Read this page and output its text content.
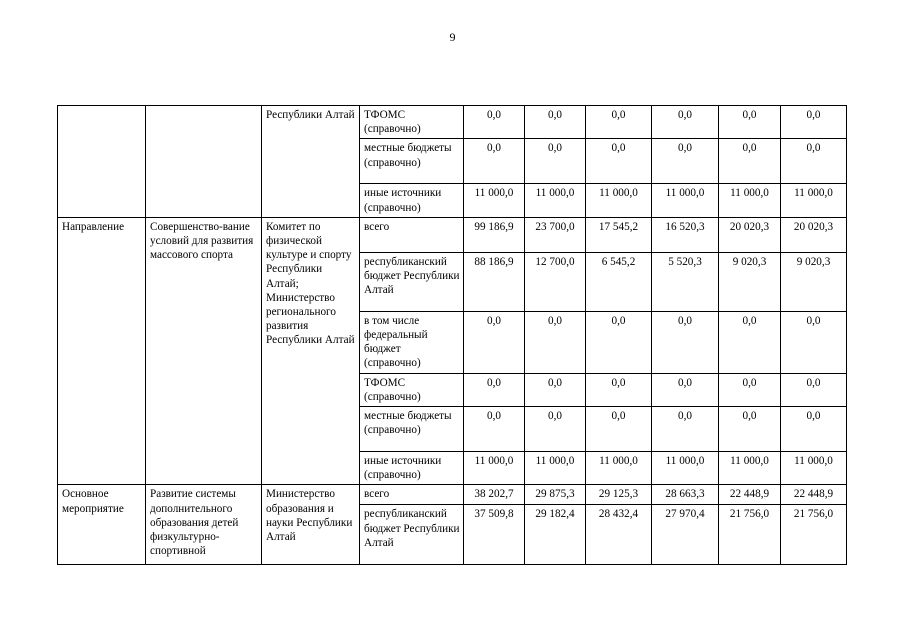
9
		Республики Алтай	ТФОМС (справочно)	0,0	0,0	0,0	0,0	0,0	0,0
			местные бюджеты (справочно)	0,0	0,0	0,0	0,0	0,0	0,0
			иные источники (справочно)	11 000,0	11 000,0	11 000,0	11 000,0	11 000,0	11 000,0
Направление	Совершенство-вание условий для развития массового спорта	Комитет по физической культуре и спорту Республики Алтай; Министерство регионального развития Республики Алтай	всего	99 186,9	23 700,0	17 545,2	16 520,3	20 020,3	20 020,3
			республиканский бюджет Республики Алтай	88 186,9	12 700,0	6 545,2	5 520,3	9 020,3	9 020,3
			в том числе федеральный бюджет (справочно)	0,0	0,0	0,0	0,0	0,0	0,0
			ТФОМС (справочно)	0,0	0,0	0,0	0,0	0,0	0,0
			местные бюджеты (справочно)	0,0	0,0	0,0	0,0	0,0	0,0
			иные источники (справочно)	11 000,0	11 000,0	11 000,0	11 000,0	11 000,0	11 000,0
Основное мероприятие	Развитие системы дополнительного образования детей физкультурно-спортивной	Министерство образования и науки Республики Алтай	всего	38 202,7	29 875,3	29 125,3	28 663,3	22 448,9	22 448,9
			республиканский бюджет Республики Алтай	37 509,8	29 182,4	28 432,4	27 970,4	21 756,0	21 756,0
